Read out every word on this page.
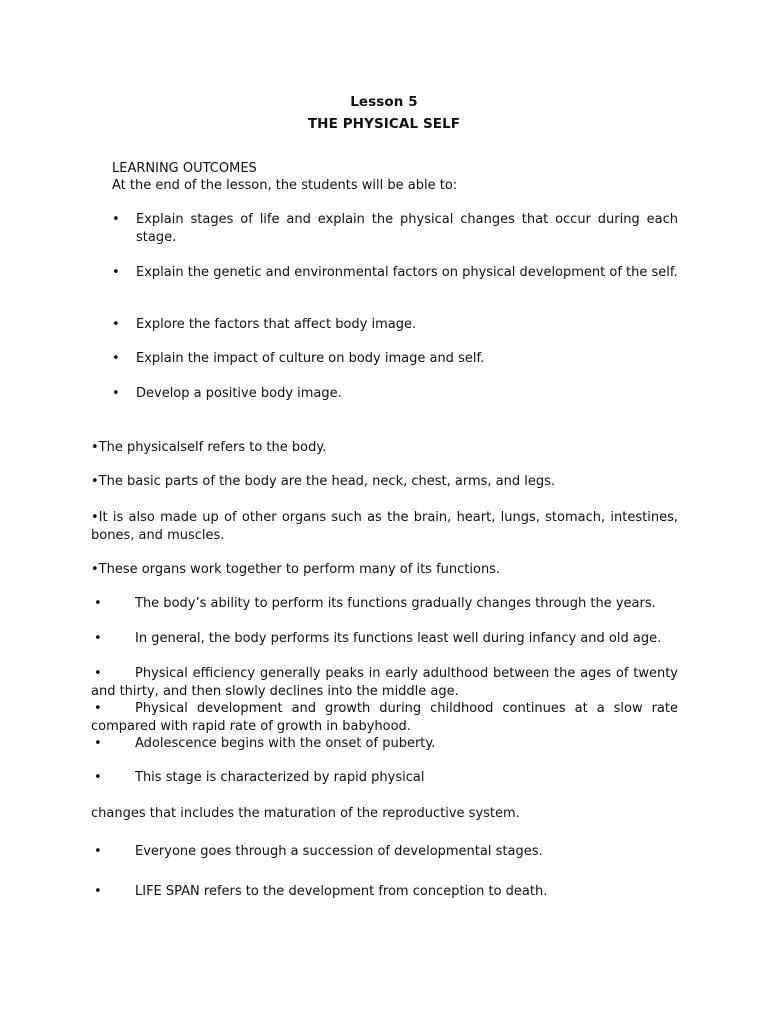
Lesson 5
THE PHYSICAL SELF
LEARNING OUTCOMES
At the end of the lesson, the students will be able to:
• Explain stages of life and explain the physical changes that occur during each stage.
• Explain the genetic and environmental factors on physical development of the self.
• Explore the factors that affect body image.
• Explain the impact of culture on body image and self.
• Develop a positive body image.
•The physicalself refers to the body.
•The basic parts of the body are the head, neck, chest, arms, and legs.
•It is also made up of other organs such as the brain, heart, lungs, stomach, intestines, bones, and muscles.
•These organs work together to perform many of its functions.
•	The body’s ability to perform its functions gradually changes through the years.
•	In general, the body performs its functions least well during infancy and old age.
•	Physical efficiency generally peaks in early adulthood between the ages of twenty and thirty, and then slowly declines into the middle age.
•	Physical development and growth during childhood continues at a slow rate compared with rapid rate of growth in babyhood.
•	Adolescence begins with the onset of puberty.
•	This stage is characterized by rapid physical
changes that includes the maturation of the reproductive system.
•	Everyone goes through a succession of developmental stages.
•	LIFE SPAN refers to the development from conception to death.
